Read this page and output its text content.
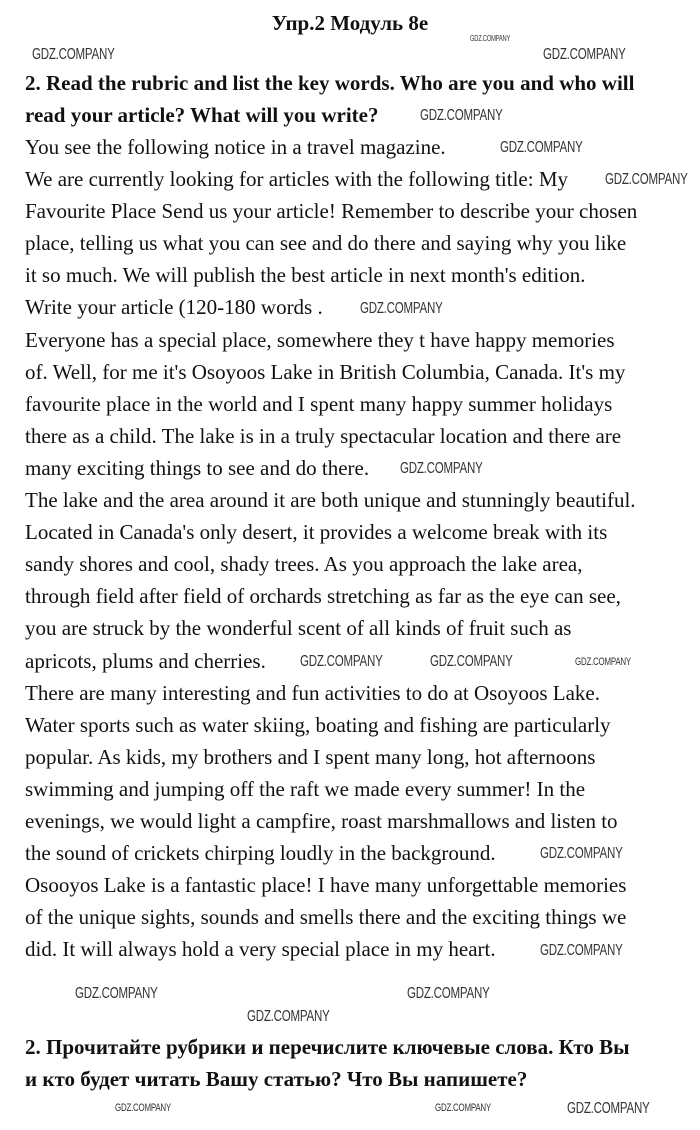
Упр.2 Модуль 8e
2. Read the rubric and list the key words. Who are you and who will
read your article? What will you write?
You see the following notice in a travel magazine.
We are currently looking for articles with the following title: My
Favourite Place Send us your article! Remember to describe your chosen
place, telling us what you can see and do there and saying why you like
it so much. We will publish the best article in next month's edition.
Write your article (120-180 words .
Everyone has a special place, somewhere they t have happy memories
of. Well, for me it's Osoyoos Lake in British Columbia, Canada. It's my
favourite place in the world and I spent many happy summer holidays
there as a child. The lake is in a truly spectacular location and there are
many exciting things to see and do there.
The lake and the area around it are both unique and stunningly beautiful.
Located in Canada's only desert, it provides a welcome break with its
sandy shores and cool, shady trees. As you approach the lake area,
through field after field of orchards stretching as far as the eye can see,
you are struck by the wonderful scent of all kinds of fruit such as
apricots, plums and cherries.
There are many interesting and fun activities to do at Osoyoos Lake.
Water sports such as water skiing, boating and fishing are particularly
popular. As kids, my brothers and I spent many long, hot afternoons
swimming and jumping off the raft we made every summer! In the
evenings, we would light a campfire, roast marshmallows and listen to
the sound of crickets chirping loudly in the background.
Osooyos Lake is a fantastic place! I have many unforgettable memories
of the unique sights, sounds and smells there and the exciting things we
did. It will always hold a very special place in my heart.
2. Прочитайте рубрики и перечислите ключевые слова. Кто Вы
и кто будет читать Вашу статью? Что Вы напишете?
GDZ.COMPANY
GDZ.COMPANY	GDZ.COMPANY
GDZ.COMPANY
GDZ.COMPANY
GDZ.COMPANY
GDZ.COMPANY
GDZ.COMPANY
GDZ.COMPANY	GDZ.COMPANY	GDZ.COMPANY
GDZ.COMPANY
GDZ.COMPANY
GDZ.COMPANY	GDZ.COMPANY
GDZ.COMPANY
GDZ.COMPANY	GDZ.COMPANY	GDZ.COMPANY
